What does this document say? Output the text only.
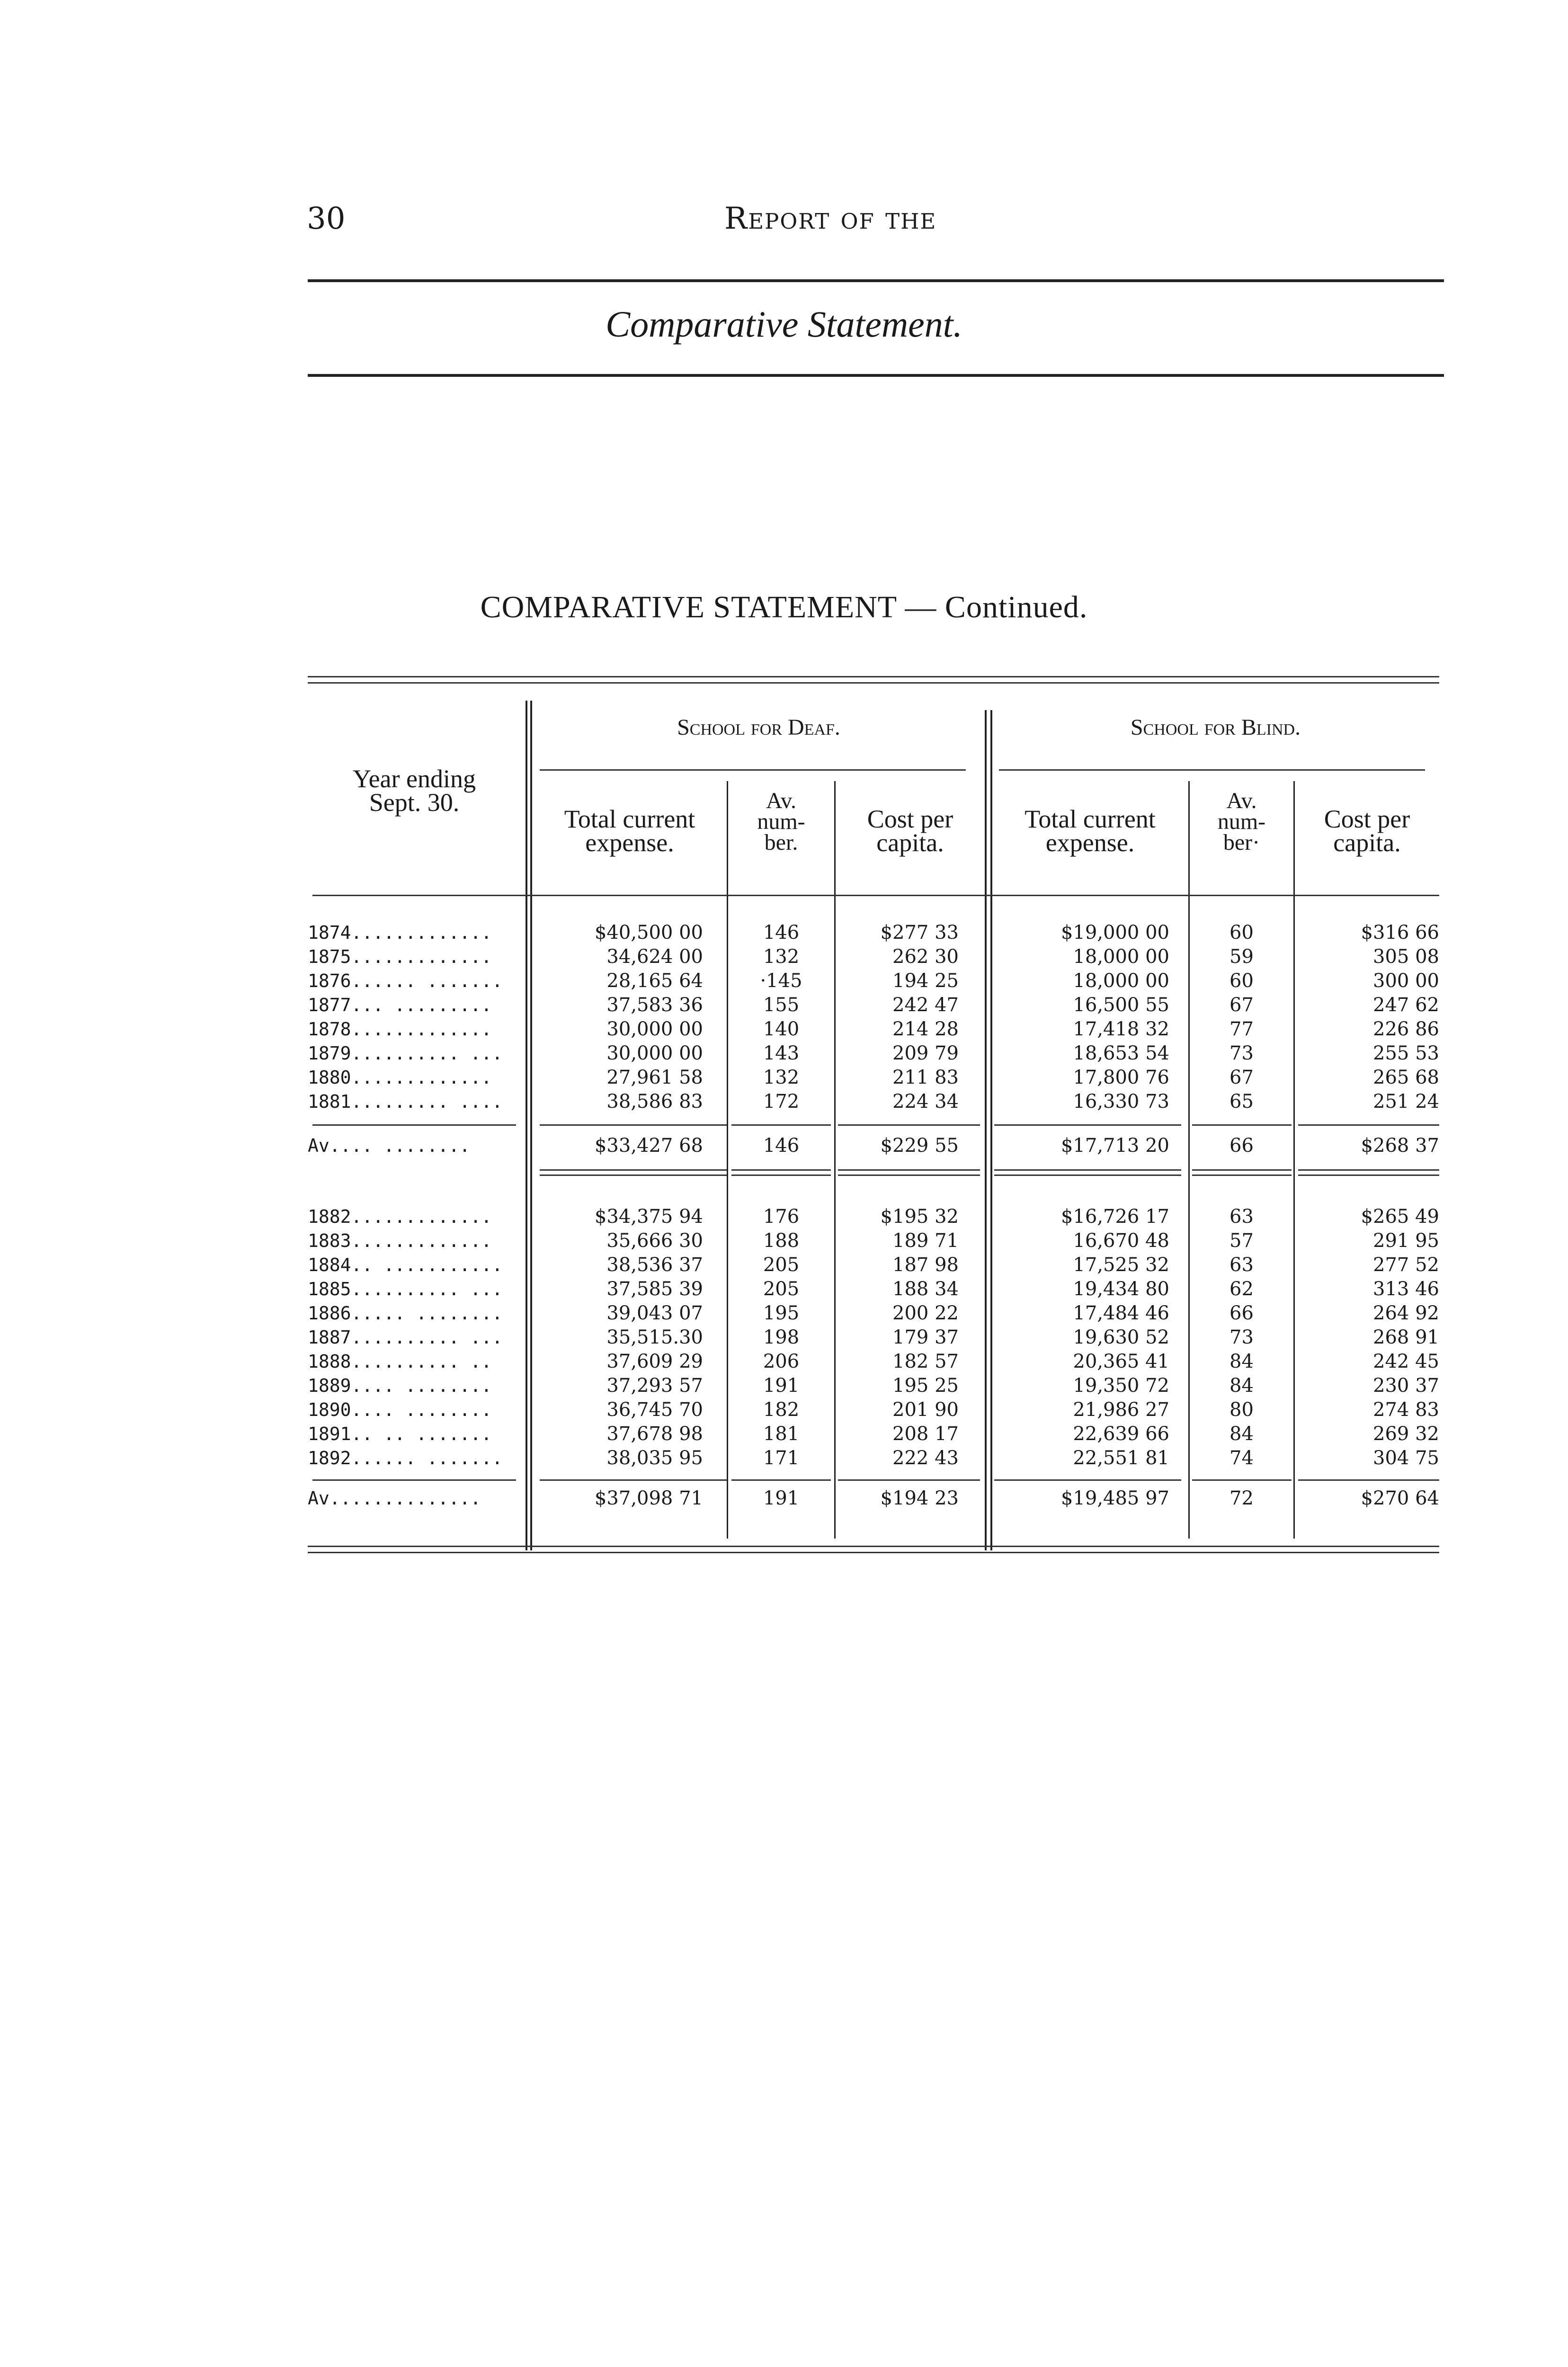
30	Report of the
Comparative Statement.
COMPARATIVE STATEMENT — Continued.
School for Deaf.	School for Blind.
Year ending
Sept. 30.
Total current
expense.
Av.
num-
ber.
Cost per
capita.
Total current
expense.
Av.
num-
ber·
Cost per
capita.
1874.............	$40,500 00	146	$277 33	$19,000 00	60	$316 66
1875.............	34,624 00	132	262 30	18,000 00	59	305 08
1876...... .......	28,165 64	·145	194 25	18,000 00	60	300 00
1877... .........	37,583 36	155	242 47	16,500 55	67	247 62
1878.............	30,000 00	140	214 28	17,418 32	77	226 86
1879.......... ...	30,000 00	143	209 79	18,653 54	73	255 53
1880.............	27,961 58	132	211 83	17,800 76	67	265 68
1881......... ....	38,586 83	172	224 34	16,330 73	65	251 24
Av.... ........	$33,427 68	146	$229 55	$17,713 20	66	$268 37
1882.............	$34,375 94	176	$195 32	$16,726 17	63	$265 49
1883.............	35,666 30	188	189 71	16,670 48	57	291 95
1884.. ...........	38,536 37	205	187 98	17,525 32	63	277 52
1885.......... ...	37,585 39	205	188 34	19,434 80	62	313 46
1886..... ........	39,043 07	195	200 22	17,484 46	66	264 92
1887.......... ...	35,515.30	198	179 37	19,630 52	73	268 91
1888.......... ..	37,609 29	206	182 57	20,365 41	84	242 45
1889.... ........	37,293 57	191	195 25	19,350 72	84	230 37
1890.... ........	36,745 70	182	201 90	21,986 27	80	274 83
1891.. .. .......	37,678 98	181	208 17	22,639 66	84	269 32
1892...... .......	38,035 95	171	222 43	22,551 81	74	304 75
Av..............	$37,098 71	191	$194 23	$19,485 97	72	$270 64
